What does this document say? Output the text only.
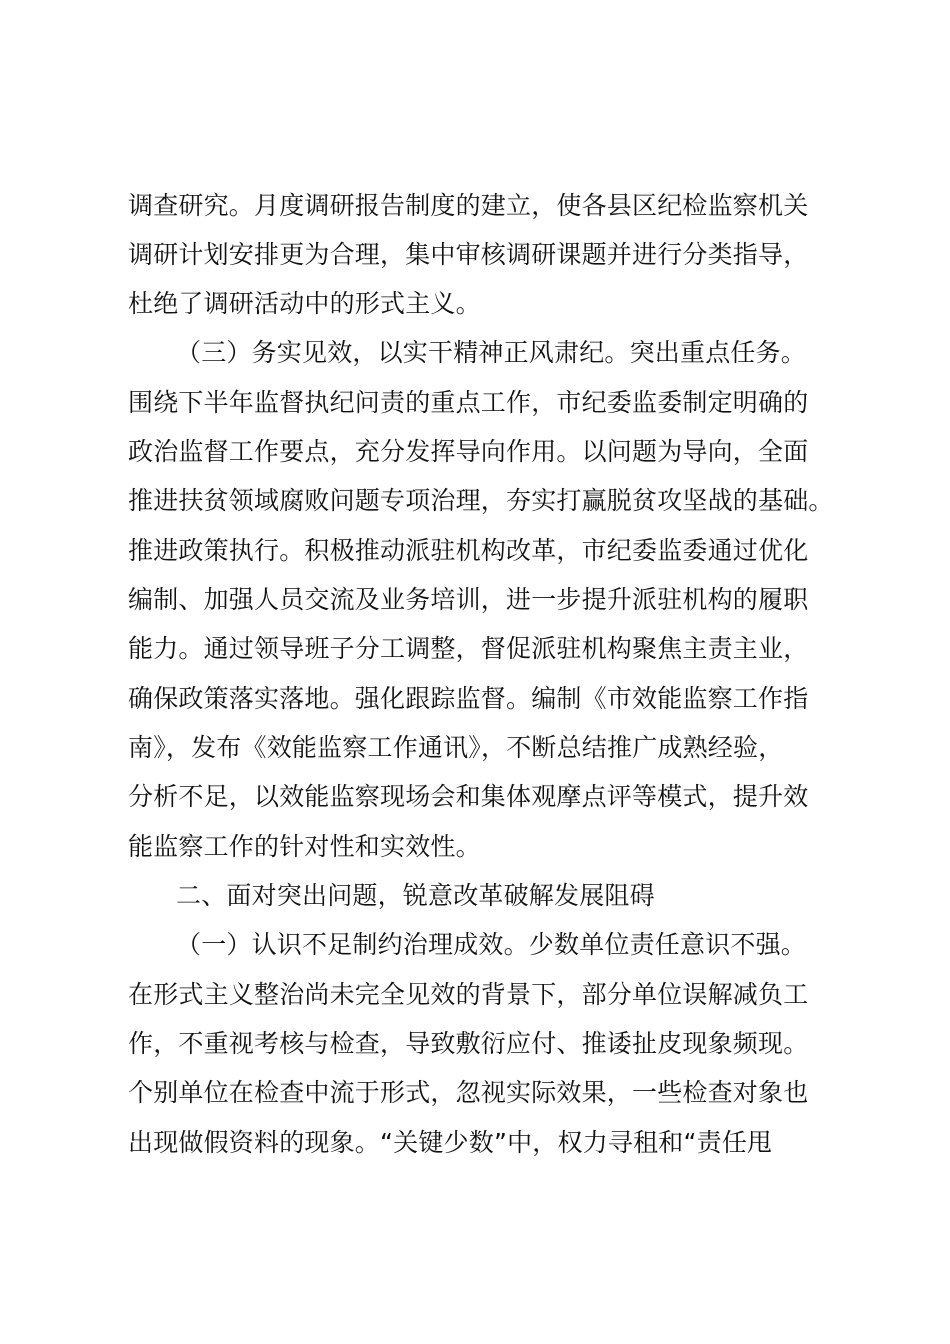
调查研究。月度调研报告制度的建立，使各县区纪检监察机关
调研计划安排更为合理，集中审核调研课题并进行分类指导，
杜绝了调研活动中的形式主义。
（三）务实见效，以实干精神正风肃纪。突出重点任务。
围绕下半年监督执纪问责的重点工作，市纪委监委制定明确的
政治监督工作要点，充分发挥导向作用。以问题为导向，全面
推进扶贫领域腐败问题专项治理，夯实打赢脱贫攻坚战的基础。
推进政策执行。积极推动派驻机构改革，市纪委监委通过优化
编制、加强人员交流及业务培训，进一步提升派驻机构的履职
能力。通过领导班子分工调整，督促派驻机构聚焦主责主业，
确保政策落实落地。强化跟踪监督。编制《市效能监察工作指
南》，发布《效能监察工作通讯》，不断总结推广成熟经验，
分析不足，以效能监察现场会和集体观摩点评等模式，提升效
能监察工作的针对性和实效性。
二、面对突出问题，锐意改革破解发展阻碍
（一）认识不足制约治理成效。少数单位责任意识不强。
在形式主义整治尚未完全见效的背景下，部分单位误解减负工
作，不重视考核与检查，导致敷衍应付、推诿扯皮现象频现。
个别单位在检查中流于形式，忽视实际效果，一些检查对象也
出现做假资料的现象。“关键少数”中，权力寻租和“责任甩
